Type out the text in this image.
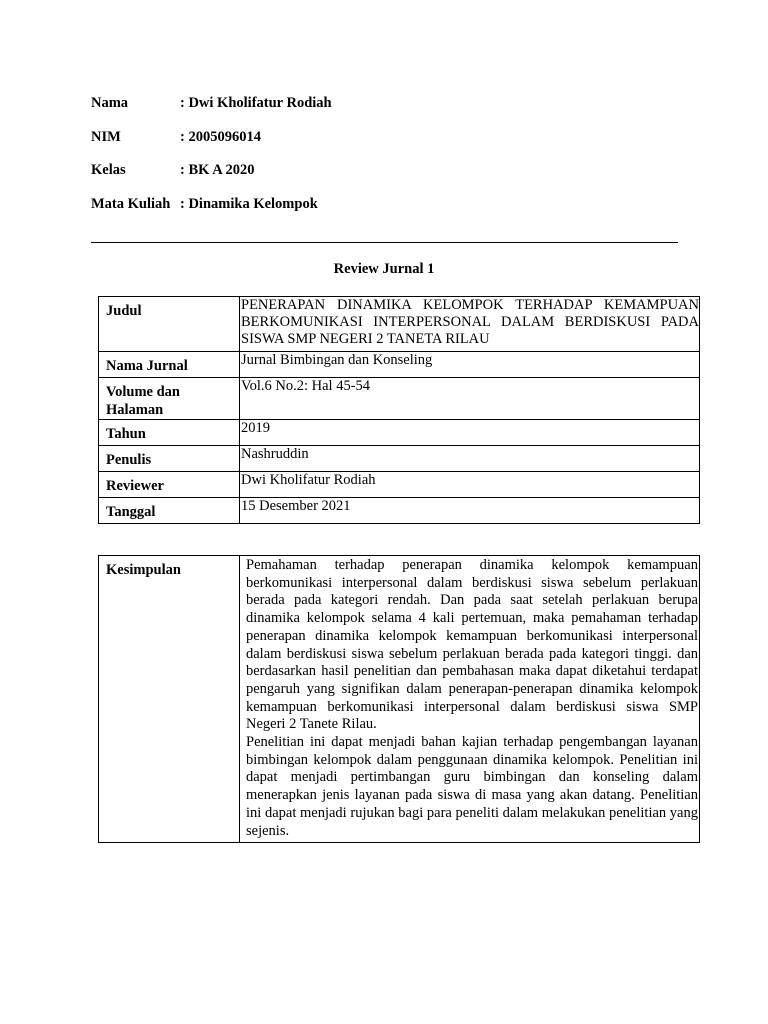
Nama	: Dwi Kholifatur Rodiah
NIM	: 2005096014
Kelas	: BK A 2020
Mata Kuliah : Dinamika Kelompok
Review Jurnal 1
Judul	PENERAPAN DINAMIKA KELOMPOK TERHADAP KEMAMPUAN BERKOMUNIKASI INTERPERSONAL DALAM BERDISKUSI PADA SISWA SMP NEGERI 2 TANETA RILAU
Nama Jurnal	Jurnal Bimbingan dan Konseling
Volume dan Halaman	Vol.6 No.2: Hal 45-54
Tahun	2019
Penulis	Nashruddin
Reviewer	Dwi Kholifatur Rodiah
Tanggal	15 Desember 2021
Kesimpulan	Pemahaman terhadap penerapan dinamika kelompok kemampuan berkomunikasi interpersonal dalam berdiskusi siswa sebelum perlakuan berada pada kategori rendah. Dan pada saat setelah perlakuan berupa dinamika kelompok selama 4 kali pertemuan, maka pemahaman terhadap penerapan dinamika kelompok kemampuan berkomunikasi interpersonal dalam berdiskusi siswa sebelum perlakuan berada pada kategori tinggi. dan berdasarkan hasil penelitian dan pembahasan maka dapat diketahui terdapat pengaruh yang signifikan dalam penerapan-penerapan dinamika kelompok kemampuan berkomunikasi interpersonal dalam berdiskusi siswa SMP Negeri 2 Tanete Rilau.

Penelitian ini dapat menjadi bahan kajian terhadap pengembangan layanan bimbingan kelompok dalam penggunaan dinamika kelompok. Penelitian ini dapat menjadi pertimbangan guru bimbingan dan konseling dalam menerapkan jenis layanan pada siswa di masa yang akan datang. Penelitian ini dapat menjadi rujukan bagi para peneliti dalam melakukan penelitian yang sejenis.
